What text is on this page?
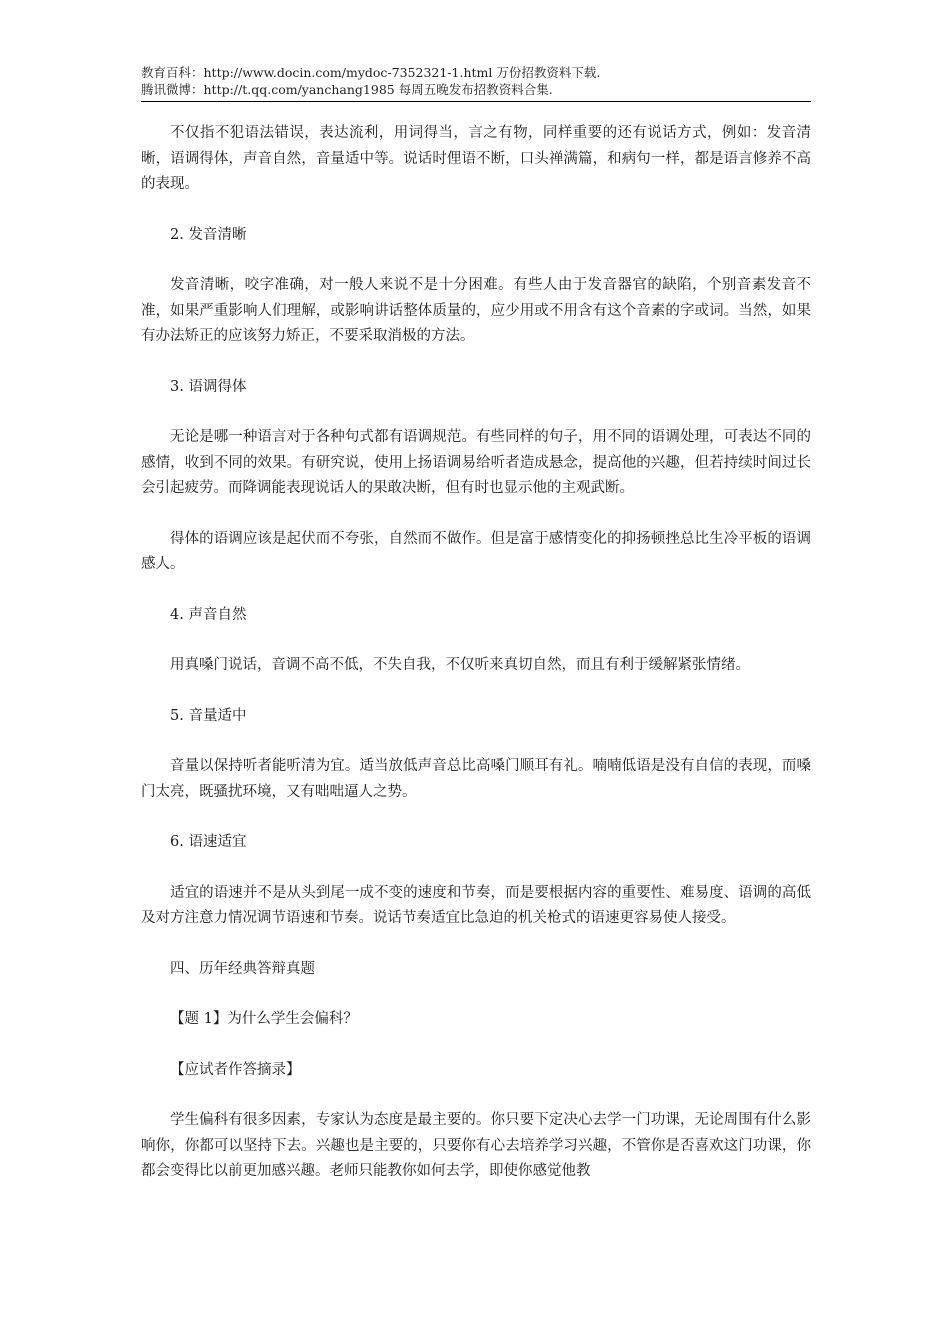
教育百科：http://www.docin.com/mydoc-7352321-1.html 万份招教资料下载.
腾讯微博：http://t.qq.com/yanchang1985 每周五晚发布招教资料合集.

不仅指不犯语法错误，表达流利，用词得当，言之有物，同样重要的还有说话方式，例如：发音清晰，语调得体，声音自然，音量适中等。说话时俚语不断，口头禅满篇，和病句一样，都是语言修养不高的表现。

2. 发音清晰

发音清晰，咬字准确，对一般人来说不是十分困难。有些人由于发音器官的缺陷，个别音素发音不准，如果严重影响人们理解，或影响讲话整体质量的，应少用或不用含有这个音素的字或词。当然，如果有办法矫正的应该努力矫正，不要采取消极的方法。

3. 语调得体

无论是哪一种语言对于各种句式都有语调规范。有些同样的句子，用不同的语调处理，可表达不同的感情，收到不同的效果。有研究说，使用上扬语调易给听者造成悬念，提高他的兴趣，但若持续时间过长会引起疲劳。而降调能表现说话人的果敢决断，但有时也显示他的主观武断。

得体的语调应该是起伏而不夸张，自然而不做作。但是富于感情变化的抑扬顿挫总比生冷平板的语调感人。

4. 声音自然

用真嗓门说话，音调不高不低，不失自我，不仅听来真切自然，而且有利于缓解紧张情绪。

5. 音量适中

音量以保持听者能听清为宜。适当放低声音总比高嗓门顺耳有礼。喃喃低语是没有自信的表现，而嗓门太亮，既骚扰环境，又有咄咄逼人之势。

6. 语速适宜

适宜的语速并不是从头到尾一成不变的速度和节奏，而是要根据内容的重要性、难易度、语调的高低及对方注意力情况调节语速和节奏。说话节奏适宜比急迫的机关枪式的语速更容易使人接受。

四、历年经典答辩真题

【题 1】为什么学生会偏科？

【应试者作答摘录】

学生偏科有很多因素，专家认为态度是最主要的。你只要下定决心去学一门功课，无论周围有什么影响你，你都可以坚持下去。兴趣也是主要的，只要你有心去培养学习兴趣，不管你是否喜欢这门功课，你都会变得比以前更加感兴趣。老师只能教你如何去学，即使你感觉他教
